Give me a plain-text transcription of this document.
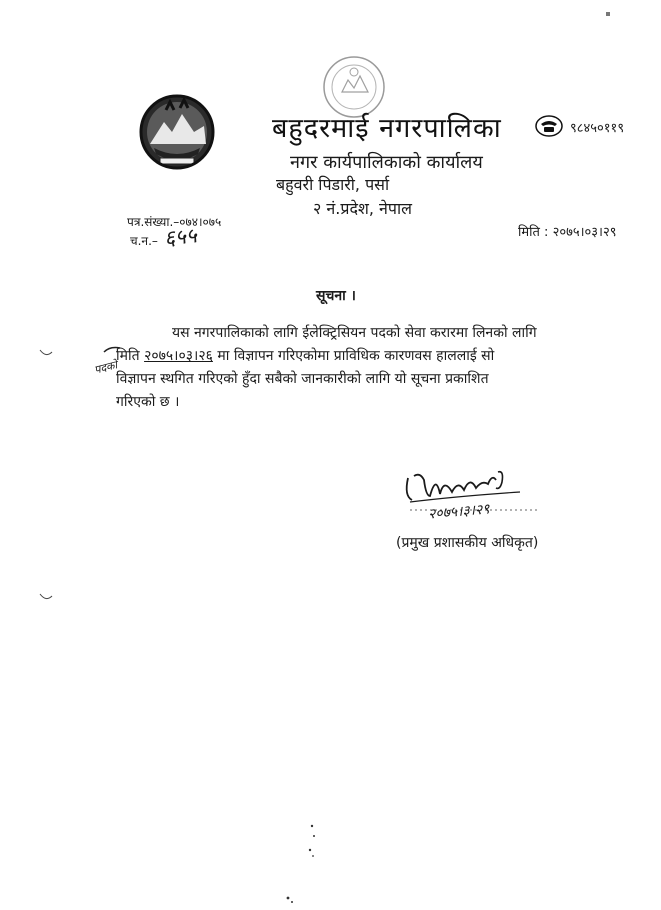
बहुदरमाई नगरपालिका	९८४५०११९
नगर कार्यपालिकाको कार्यालय
बहुवरी पिडारी, पर्सा
२ नं.प्रदेश, नेपाल
पत्र.संख्या.–०७४।०७५
च.न.– ६५५	मिति : २०७५।०३।२९
सूचना ।
यस नगरपालिकाको लागि ईलेक्ट्रिसियन पदको सेवा करारमा लिनको लागि
मिति २०७५।०३।२६ मा विज्ञापन गरिएकोमा प्राविधिक कारणवस हाललाई सो
विज्ञापन स्थगित गरिएको हुँदा सबैको जानकारीको लागि यो सूचना प्रकाशित
गरिएको छ ।
पदको
२०७५।३।२९
(प्रमुख प्रशासकीय अधिकृत)
